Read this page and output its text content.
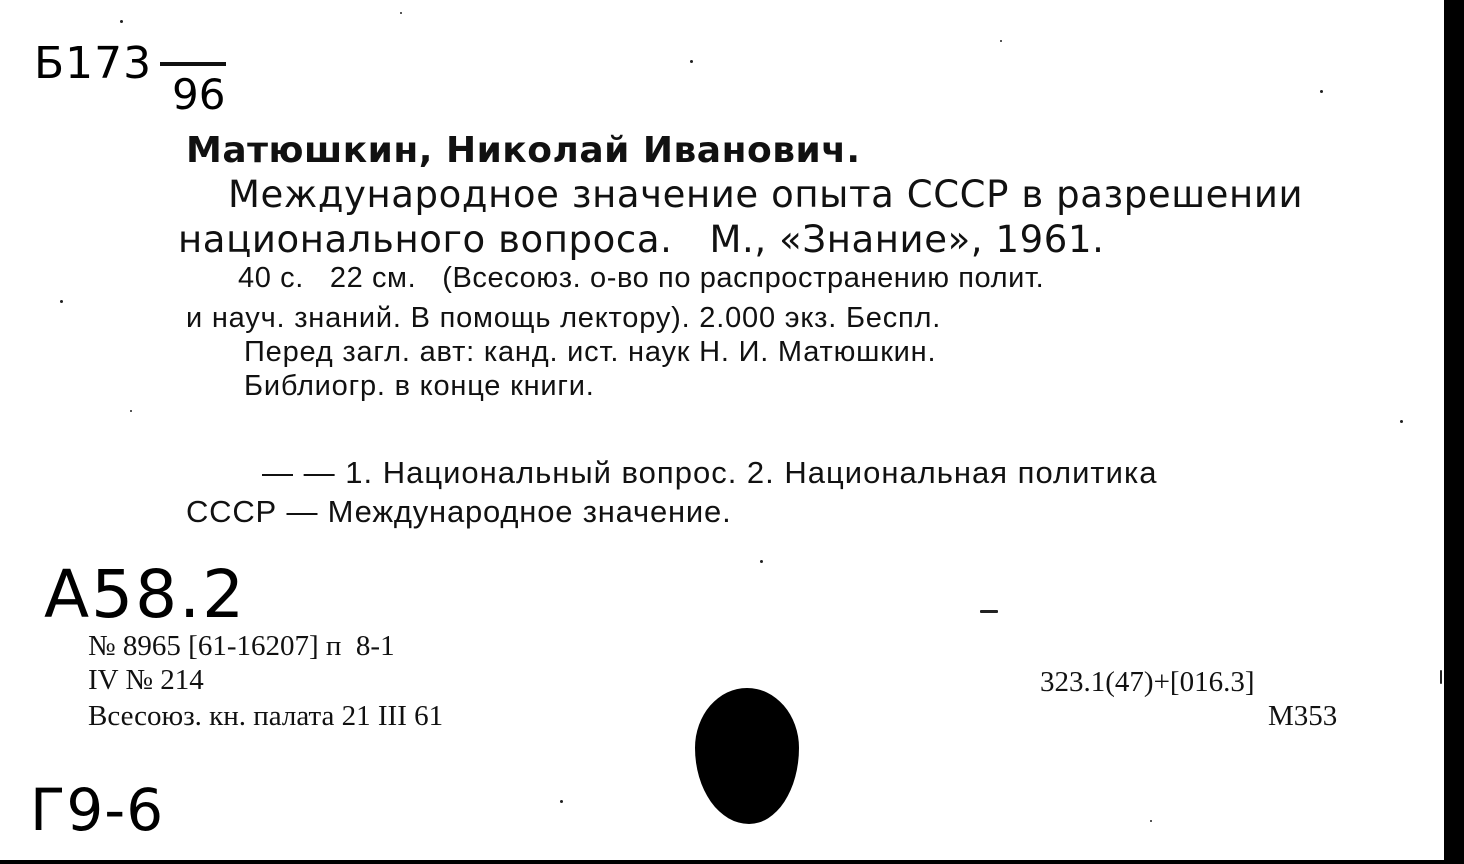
Б173
96
Матюшкин, Николай Иванович.
Международное значение опыта СССР в разрешении
национального вопроса.   М., «Знание», 1961.
40 с.   22 см.   (Всесоюз. о-во по распространению полит.
и науч. знаний. В помощь лектору). 2.000 экз. Беспл.
Перед загл. авт: канд. ист. наук Н. И. Матюшкин.
Библиогр. в конце книги.
— — 1. Национальный вопрос. 2. Национальная политика
СССР — Международное значение.
А58.2
№ 8965 [61-16207] п  8-1
IV № 214
Всесоюз. кн. палата 21 III 61
323.1(47)+[016.3]
М353
Г9-6
